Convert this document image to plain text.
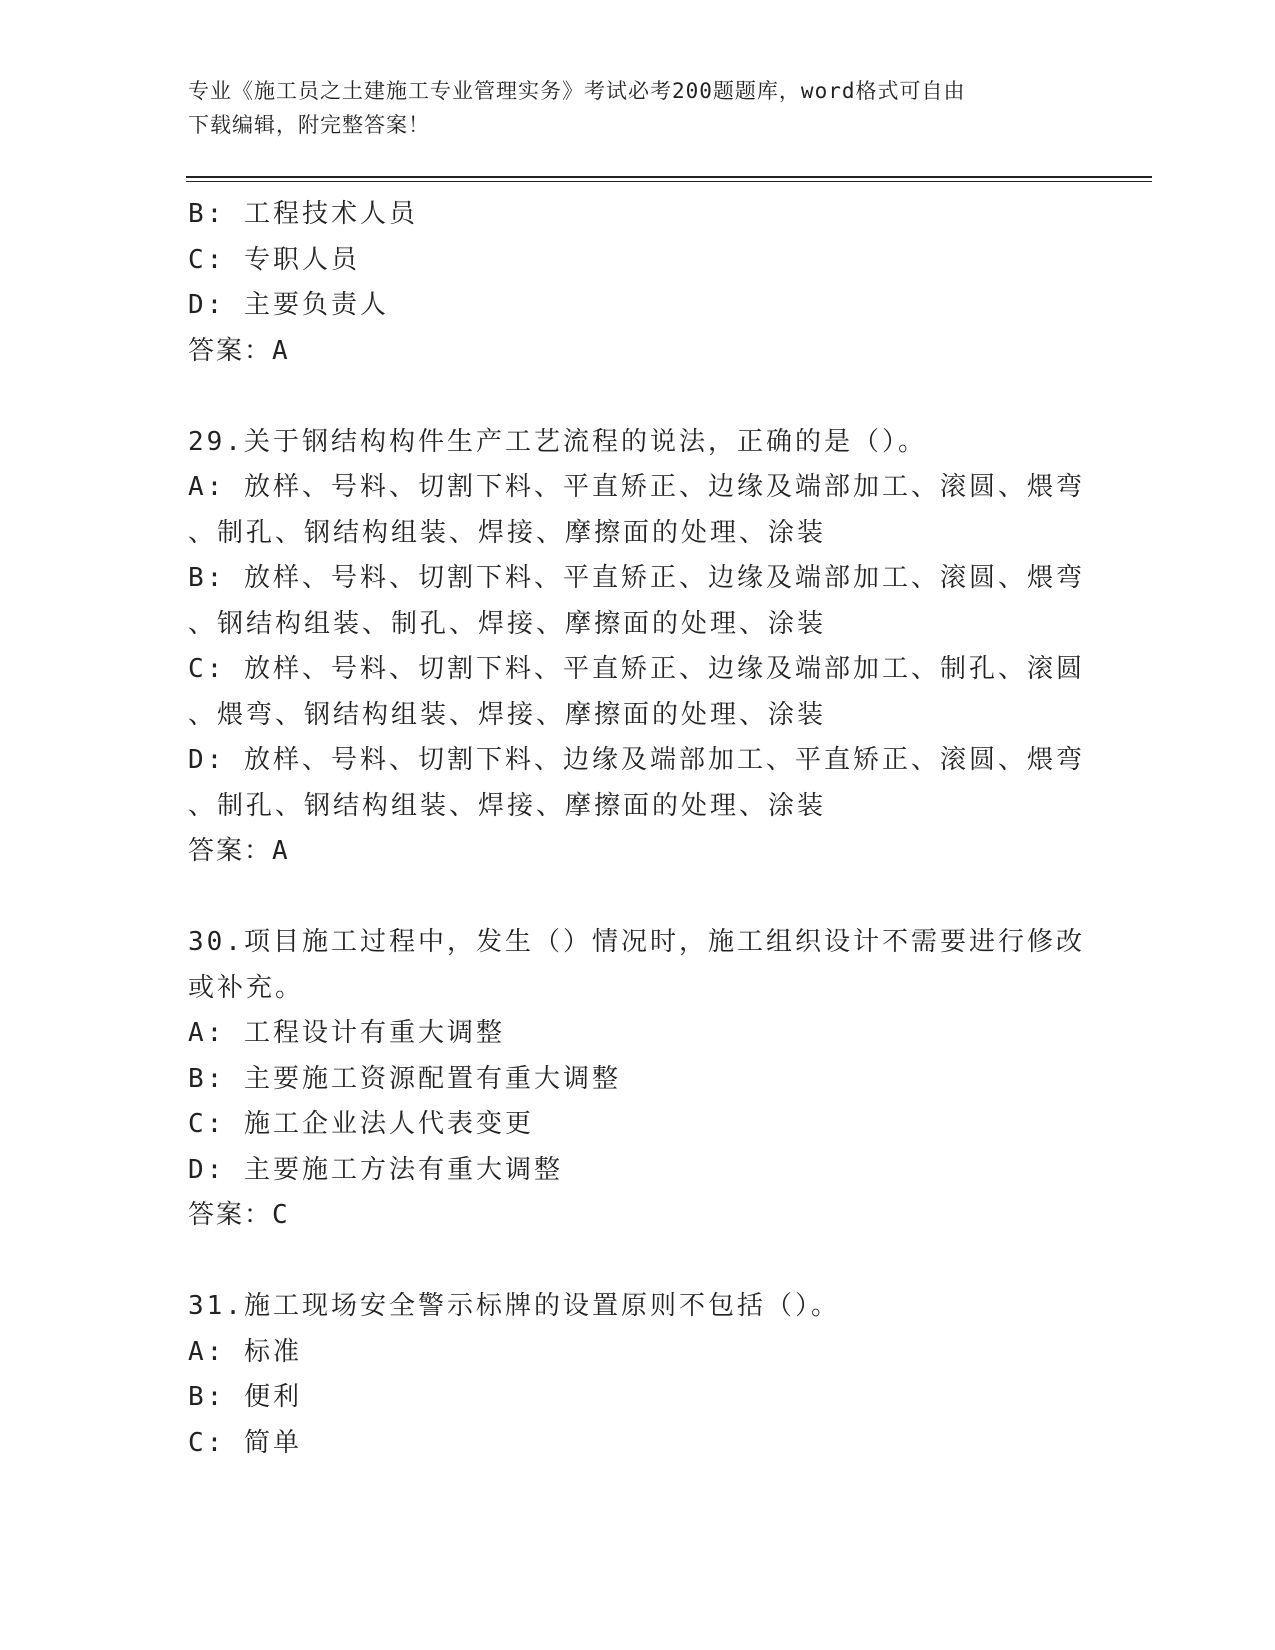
专业《施工员之土建施工专业管理实务》考试必考200题题库，word格式可自由
下载编辑，附完整答案！
B: 工程技术人员
C: 专职人员
D: 主要负责人
答案：A
29.关于钢结构构件生产工艺流程的说法，正确的是（）。
A: 放样、号料、切割下料、平直矫正、边缘及端部加工、滚圆、煨弯
、制孔、钢结构组装、焊接、摩擦面的处理、涂装
B: 放样、号料、切割下料、平直矫正、边缘及端部加工、滚圆、煨弯
、钢结构组装、制孔、焊接、摩擦面的处理、涂装
C: 放样、号料、切割下料、平直矫正、边缘及端部加工、制孔、滚圆
、煨弯、钢结构组装、焊接、摩擦面的处理、涂装
D: 放样、号料、切割下料、边缘及端部加工、平直矫正、滚圆、煨弯
、制孔、钢结构组装、焊接、摩擦面的处理、涂装
答案：A
30.项目施工过程中，发生（）情况时，施工组织设计不需要进行修改
或补充。
A: 工程设计有重大调整
B: 主要施工资源配置有重大调整
C: 施工企业法人代表变更
D: 主要施工方法有重大调整
答案：C
31.施工现场安全警示标牌的设置原则不包括（）。
A: 标准
B: 便利
C: 简单
